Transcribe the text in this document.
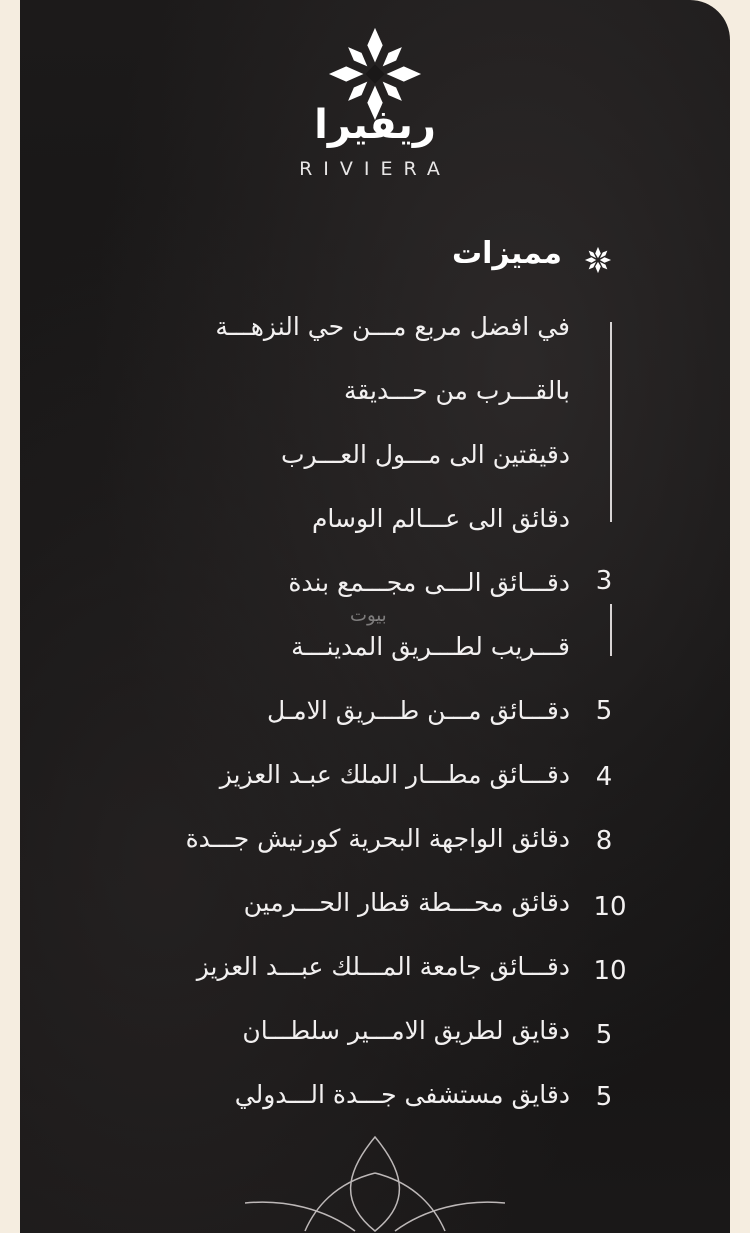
ريفيرا
RIVIERA
مميزات
بيوت
في افضل مربع مـــن حي النزهـــة
بالقـــرب من حـــديقة
دقيقتين الى مـــول العـــرب
دقائق الى عـــالم الوسام
دقـــائق الـــى مجـــمع بندة 3
قـــريب لطـــريق المدينـــة
دقـــائق مـــن طـــريق الامـل 5
دقـــائق مطـــار الملك عبـد العزيز 4
دقائق الواجهة البحرية كورنيش جـــدة 8
دقائق محـــطة قطار الحـــرمين 10
دقـــائق جامعة المـــلك عبـــد العزيز 10
دقايق لطريق الامـــير سلطـــان 5
دقايق مستشفى جـــدة الـــدولي 5
